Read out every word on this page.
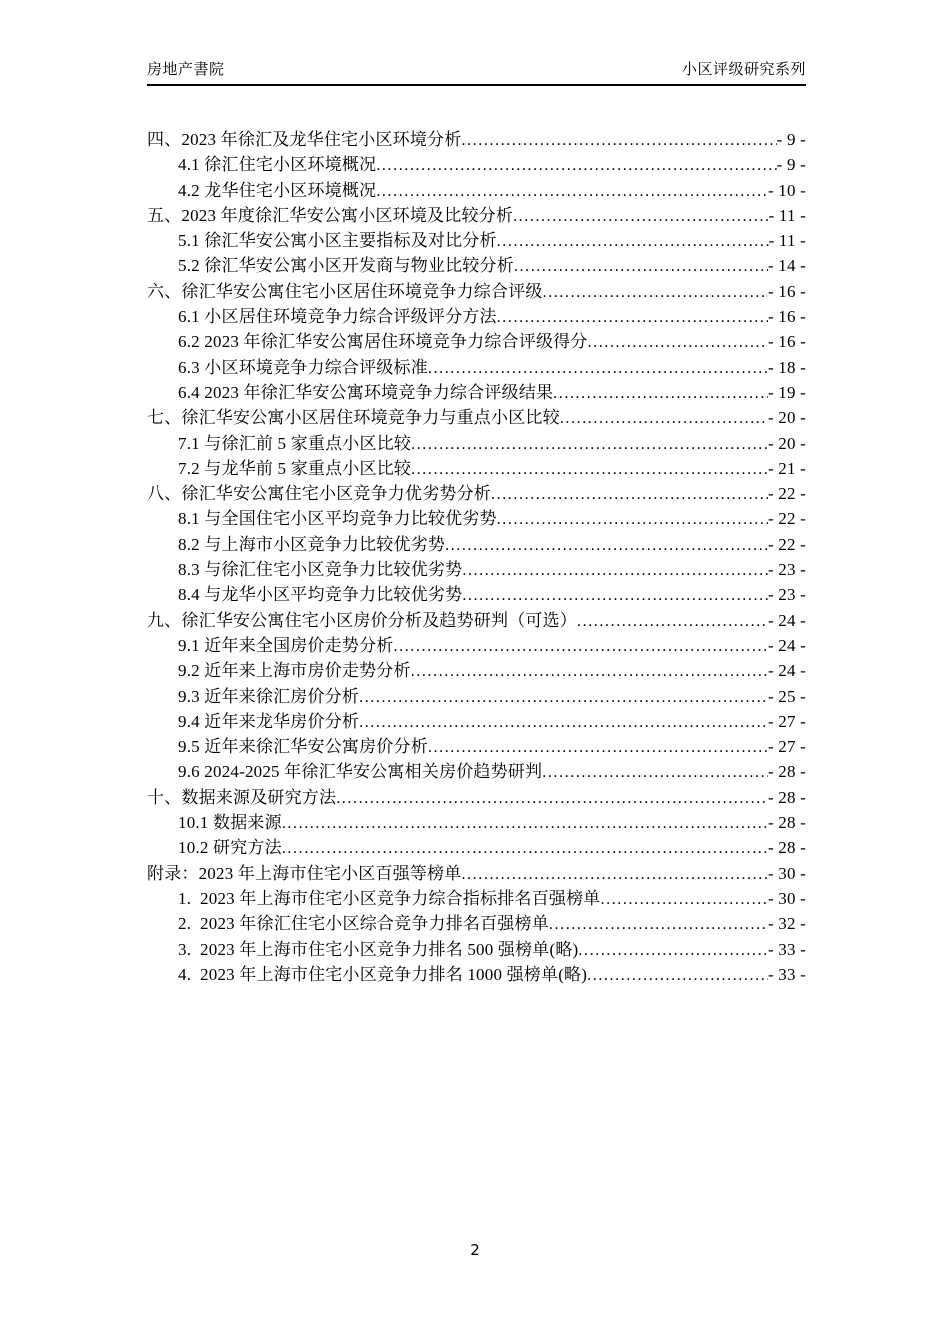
房地产書院	小区评级研究系列
四、2023 年徐汇及龙华住宅小区环境分析 .....	- 9 -
4.1 徐汇住宅小区环境概况 .....	- 9 -
4.2 龙华住宅小区环境概况 .....	- 10 -
五、2023 年度徐汇华安公寓小区环境及比较分析 .....	- 11 -
5.1 徐汇华安公寓小区主要指标及对比分析 .....	- 11 -
5.2 徐汇华安公寓小区开发商与物业比较分析 .....	- 14 -
六、徐汇华安公寓住宅小区居住环境竞争力综合评级 .....	- 16 -
6.1 小区居住环境竞争力综合评级评分方法 .....	- 16 -
6.2 2023 年徐汇华安公寓居住环境竞争力综合评级得分 .....	- 16 -
6.3 小区环境竞争力综合评级标准 .....	- 18 -
6.4 2023 年徐汇华安公寓环境竞争力综合评级结果 .....	- 19 -
七、徐汇华安公寓小区居住环境竞争力与重点小区比较 .....	- 20 -
7.1 与徐汇前 5 家重点小区比较 .....	- 20 -
7.2 与龙华前 5 家重点小区比较 .....	- 21 -
八、徐汇华安公寓住宅小区竞争力优劣势分析 .....	- 22 -
8.1 与全国住宅小区平均竞争力比较优劣势 .....	- 22 -
8.2 与上海市小区竞争力比较优劣势 .....	- 22 -
8.3 与徐汇住宅小区竞争力比较优劣势 .....	- 23 -
8.4 与龙华小区平均竞争力比较优劣势 .....	- 23 -
九、徐汇华安公寓住宅小区房价分析及趋势研判（可选） .....	- 24 -
9.1 近年来全国房价走势分析 .....	- 24 -
9.2 近年来上海市房价走势分析 .....	- 24 -
9.3 近年来徐汇房价分析 .....	- 25 -
9.4 近年来龙华房价分析 .....	- 27 -
9.5 近年来徐汇华安公寓房价分析 .....	- 27 -
9.6 2024-2025 年徐汇华安公寓相关房价趋势研判 .....	- 28 -
十、数据来源及研究方法 .....	- 28 -
10.1 数据来源 .....	- 28 -
10.2 研究方法 .....	- 28 -
附录：2023 年上海市住宅小区百强等榜单 .....	- 30 -
1.  2023 年上海市住宅小区竞争力综合指标排名百强榜单 .....	- 30 -
2.  2023 年徐汇住宅小区综合竞争力排名百强榜单 .....	- 32 -
3.  2023 年上海市住宅小区竞争力排名 500 强榜单(略) .....	- 33 -
4.  2023 年上海市住宅小区竞争力排名 1000 强榜单(略) .....	- 33 -
2
